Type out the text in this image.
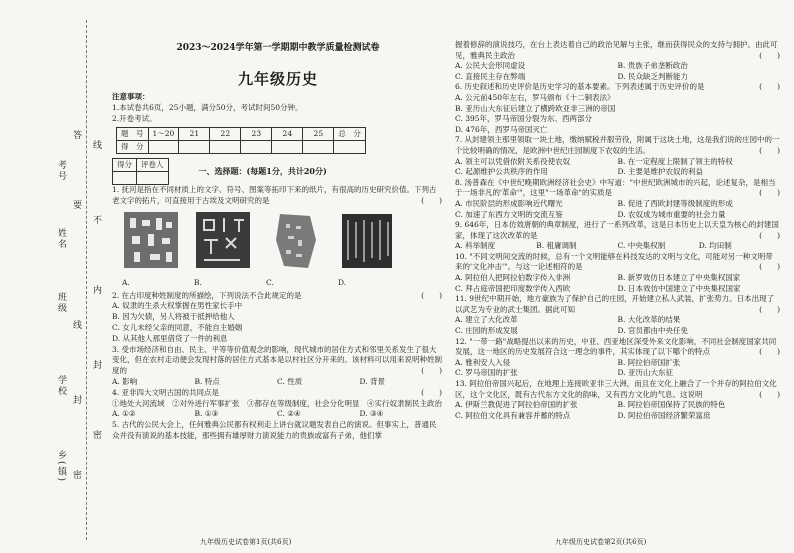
考号
姓名
班级
学校
乡(镇)
线
不
内
封
密
答
要
线
封
密
2023～2024学年第一学期期中教学质量检测试卷
九年级历史
注意事项：
1.本试卷共6页，25小题，满分50分，考试时间50分钟。
2.开卷考试。
题　号	1～20	21	22	23	24	25	总　分
得　分							
得分	评卷人

一、选择题：(每题1分，共计20分)

1. 抚河是指在不同材质上的文字、符号、图案等拓印下来的纸片，有很高的历史研究价值。下列古老文字的拓片，可直接用于古埃及文明研究的是	(　　)

A.	B.	C.	D.

2. 在古印度种姓制度的所描绘，下列说法不合此规定的是	(　　)

A. 奴隶的生杀大权掌握在男性家长手中
B. 因为欠债，另人将被于抵押给他人
C. 女儿未经父亲的同意，不能自主婚姻
D. 从其他人那里借贷了一件的利息

3. 受市场经济和自由、民主、平等等价值观念的影响，现代城市的居住方式和邻里关系发生了很大变化，但在农村走动便会发现村落的居住方式基本是以村社区分开来的。该材料可以用来说明种姓制度的	(　　)

A. 影响	B. 特点	C. 性质	D. 背景

4. 亚非四大文明古国的共同点是	(　　)

①地处大河流域　②对外进行军事扩张　③都存在等级制度，社会分化明显　④实行奴隶制民主政治
A. ①②	B. ①③	C. ②④	D. ③④

5. 古代的公民大会上，任何雅典公民都有权利走上讲台就议题发表自己的演说。但事实上，普通民众并没有演说的基本技能，那些拥有雄厚财力演说能力的贵族或富有子弟，他们掌

握着修辞的演说技巧，在台上表达着自己的政治见解与主张，继而获得民众的支持与拥护。由此可见，雅典民主政治	(　　)

A. 公民大会形同虚设	B. 贵族子弟垄断政治
C. 直接民主存在弊端	D. 民众缺乏判断能力

6. 历史叙述和历史评价是历史学习的基本要素。下列表述属于历史评价的是	(　　)

A. 公元前450年左右，罗马颁布《十二铜表法》
B. 亚历山大东征后建立了横跨欧亚非三洲的帝国
C. 395年，罗马帝国分裂为东、西两部分
D. 476年，西罗马帝国灭亡

7. 从封建领主那里领取一块土地，缴纳赋税并服劳役，附属于这块土地，这是我们说的庄园中的一个比较明确的情况，是欧洲中世纪庄园制度下农奴的生活。	(　　)

A. 领主可以凭借依附关系役使农奴	B. 在一定程度上限制了领主的特权
C. 起源维护公共秩序的作用	D. 主要是维护农奴的利益

8. 汤普森在《中世纪晚期欧洲经济社会史》中写道："中世纪欧洲城市的兴起，论述复杂，是相当于一场非凡的'革命'"，这里"一场革命"的实质是	(　　)

A. 市民阶层的形成影响近代曙光	B. 促进了西欧封建等级制度的形成
C. 加速了东西方文明的交流互鉴	D. 农奴成为城市重要的社会力量

9. 646年，日本仿效唐朝的典章制度，进行了一系列改革，这是日本历史上以天皇为核心的封建国家，体现了这次改革的是	(　　)

A. 科举制度	B. 租庸调制	C. 中央集权制	D. 均田制

10. "不同文明间交流的时候，总有一个文明能够在科技发达的文明与文化，可能对另一种文明带来的'文化冲击'"。与这一论述相符的是	(　　)

A. 阿拉伯人把阿拉伯数字传入非洲	B. 新罗效仿日本建立了中央集权国家
C. 拜占庭帝国把印度数学传入西欧	D. 日本效仿中国建立了中央集权国家

11. 9世纪中期开始，地方豪族为了保护自己的庄园，开始建立私人武装，扩张势力。日本出现了以武艺为专业的武士集团。据此可知	(　　)

A. 建立了大化改革	B. 大化改革的结果
C. 庄园的形成发展	D. 官员都由中央任免

12. "一带一路"战略提出以来的历史，中亚、西亚地区深受外来文化影响，不同社会制度国家共同发展，这一地区的历史发展符合这一理念的事件，其实体现了以下哪个的特点	(　　)

A. 雅利安人入侵	B. 阿拉伯帝国扩张
C. 罗马帝国的扩张	D. 亚历山大东征

13. 阿拉伯帝国兴起后，在地理上连接欧亚非三大洲，而且在文化上融合了一个并存的阿拉伯文化区，这个文化区，既有古代东方文化的韵味，又有西方文化的气息。这说明	(　　)

A. 伊斯兰教促进了阿拉伯帝国的扩张	B. 阿拉伯帝国保持了民族的特色
C. 阿拉伯文化具有兼容并蓄的特点	D. 阿拉伯帝国经济繁荣富庶
九年级历史试卷第1页(共6页)	九年级历史试卷第2页(共6页)
